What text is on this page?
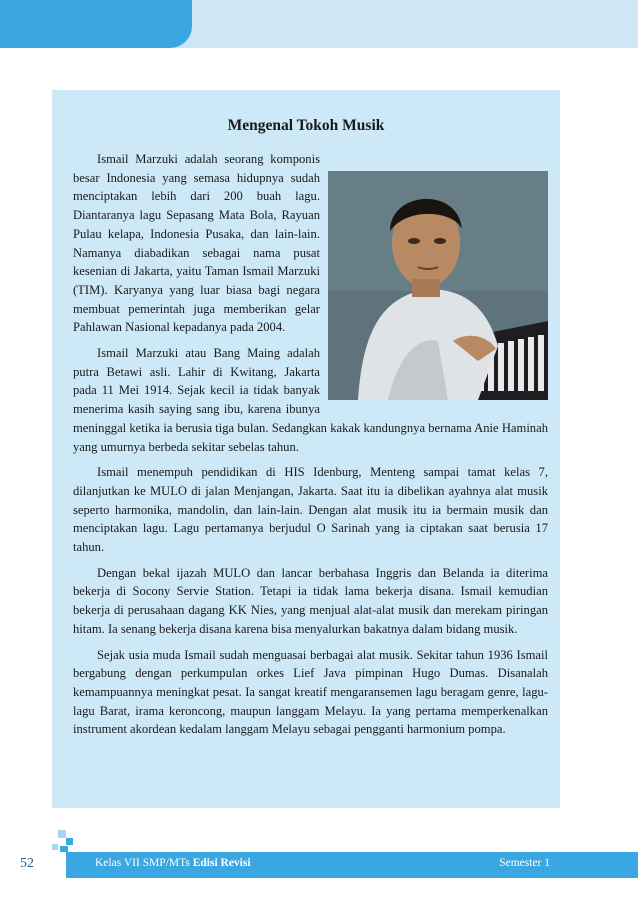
Mengenal Tokoh Musik

Ismail Marzuki adalah seorang komponis besar Indonesia yang semasa hidupnya sudah menciptakan lebih dari 200 buah lagu. Diantaranya lagu Sepasang Mata Bola, Rayuan Pulau kelapa, Indonesia Pusaka, dan lain-lain. Namanya diabadikan sebagai nama pusat kesenian di Jakarta, yaitu Taman Ismail Marzuki (TIM). Karyanya yang luar biasa bagi negara membuat pemerintah juga memberikan gelar Pahlawan Nasional kepadanya pada 2004.

Ismail Marzuki atau Bang Maing adalah putra Betawi asli. Lahir di Kwitang, Jakarta pada 11 Mei 1914. Sejak kecil ia tidak banyak menerima kasih saying sang ibu, karena ibunya meninggal ketika ia berusia tiga bulan. Sedangkan kakak kandungnya bernama Anie Haminah yang umurnya berbeda sekitar sebelas tahun.

Ismail menempuh pendidikan di HIS Idenburg, Menteng sampai tamat kelas 7, dilanjutkan ke MULO di jalan Menjangan, Jakarta. Saat itu ia dibelikan ayahnya alat musik seperto harmonika, mandolin, dan lain-lain. Dengan alat musik itu ia bermain musik dan menciptakan lagu. Lagu pertamanya berjudul O Sarinah yang ia ciptakan saat berusia 17 tahun.

Dengan bekal ijazah MULO dan lancar berbahasa Inggris dan Belanda ia diterima bekerja di Socony Servie Station. Tetapi ia tidak lama bekerja disana. Ismail kemudian bekerja di perusahaan dagang KK Nies, yang menjual alat-alat musik dan merekam piringan hitam. Ia senang bekerja disana karena bisa menyalurkan bakatnya dalam bidang musik.

Sejak usia muda Ismail sudah menguasai berbagai alat musik. Sekitar tahun 1936 Ismail bergabung dengan perkumpulan orkes Lief Java pimpinan Hugo Dumas. Disanalah kemampuannya meningkat pesat. Ia sangat kreatif mengaransemen lagu beragam genre, lagu-lagu Barat, irama keroncong, maupun langgam Melayu. Ia yang pertama memperkenalkan instrument akordean kedalam langgam Melayu sebagai pengganti harmonium pompa.

52	Kelas VII SMP/MTs Edisi Revisi	Semester 1
